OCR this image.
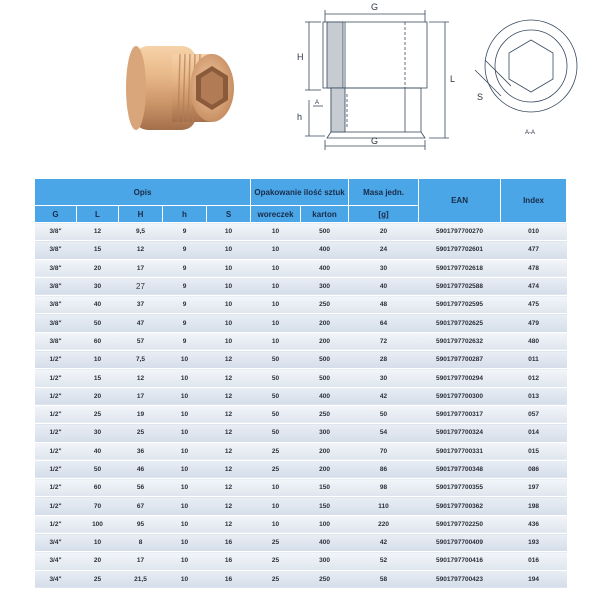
G
G
H
h
L
A
S
A-A
Opis					Opakowanie ilość sztuk		Masa jedn.	EAN	Index
G	L	H	h	S	woreczek	karton	[g]		
3/8"	12	9,5	9	10	10	500	20	5901797700270	010
3/8"	15	12	9	10	10	400	24	5901797702601	477
3/8"	20	17	9	10	10	400	30	5901797702618	478
3/8"	30	27	9	10	10	300	40	5901797702588	474
3/8"	40	37	9	10	10	250	48	5901797702595	475
3/8"	50	47	9	10	10	200	64	5901797702625	479
3/8"	60	57	9	10	10	200	72	5901797702632	480
1/2"	10	7,5	10	12	50	500	28	5901797700287	011
1/2"	15	12	10	12	50	500	30	5901797700294	012
1/2"	20	17	10	12	50	400	42	5901797700300	013
1/2"	25	19	10	12	50	250	50	5901797700317	057
1/2"	30	25	10	12	50	300	54	5901797700324	014
1/2"	40	36	10	12	25	200	70	5901797700331	015
1/2"	50	46	10	12	25	200	86	5901797700348	086
1/2"	60	56	10	12	10	150	98	5901797700355	197
1/2"	70	67	10	12	10	150	110	5901797700362	198
1/2"	100	95	10	12	10	100	220	5901797702250	436
3/4"	10	8	10	16	25	400	42	5901797700409	193
3/4"	20	17	10	16	25	300	52	5901797700416	016
3/4"	25	21,5	10	16	25	250	58	5901797700423	194
